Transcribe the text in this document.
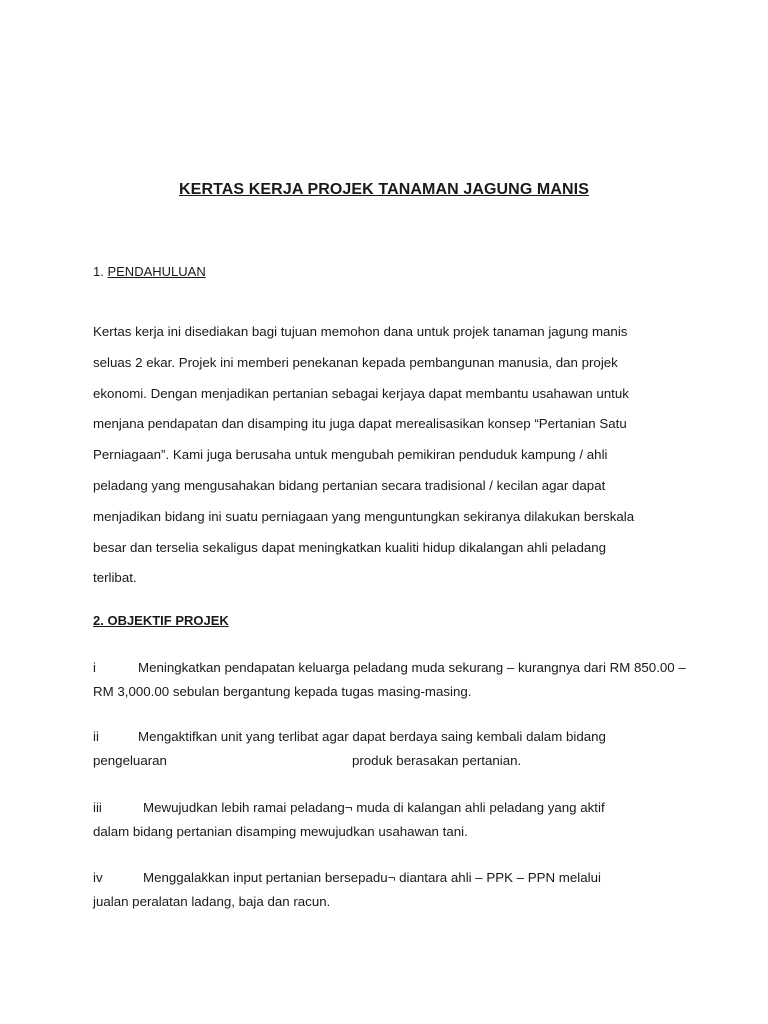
KERTAS KERJA PROJEK TANAMAN JAGUNG MANIS
1. PENDAHULUAN
Kertas kerja ini disediakan bagi tujuan memohon dana untuk projek tanaman jagung manis
seluas 2 ekar. Projek ini memberi penekanan kepada pembangunan manusia, dan projek
ekonomi. Dengan menjadikan pertanian sebagai kerjaya dapat membantu usahawan untuk
menjana pendapatan dan disamping itu juga dapat merealisasikan konsep “Pertanian Satu
Perniagaan”. Kami juga berusaha untuk mengubah pemikiran penduduk kampung / ahli
peladang yang mengusahakan bidang pertanian secara tradisional / kecilan agar dapat
menjadikan bidang ini suatu perniagaan yang menguntungkan sekiranya dilakukan berskala
besar dan terselia sekaligus dapat meningkatkan kualiti hidup dikalangan ahli peladang
terlibat.
2. OBJEKTIF PROJEK
i	Meningkatkan pendapatan keluarga peladang muda sekurang – kurangnya dari RM 850.00 –
RM 3,000.00 sebulan bergantung kepada tugas masing-masing.
ii	Mengaktifkan unit yang terlibat agar dapat berdaya saing kembali dalam bidang
pengeluaran	produk berasakan pertanian.
iii	Mewujudkan lebih ramai peladang¬ muda di kalangan ahli peladang yang aktif
dalam bidang pertanian disamping mewujudkan usahawan tani.
iv	Menggalakkan input pertanian bersepadu¬ diantara ahli – PPK – PPN melalui
jualan peralatan ladang, baja dan racun.
